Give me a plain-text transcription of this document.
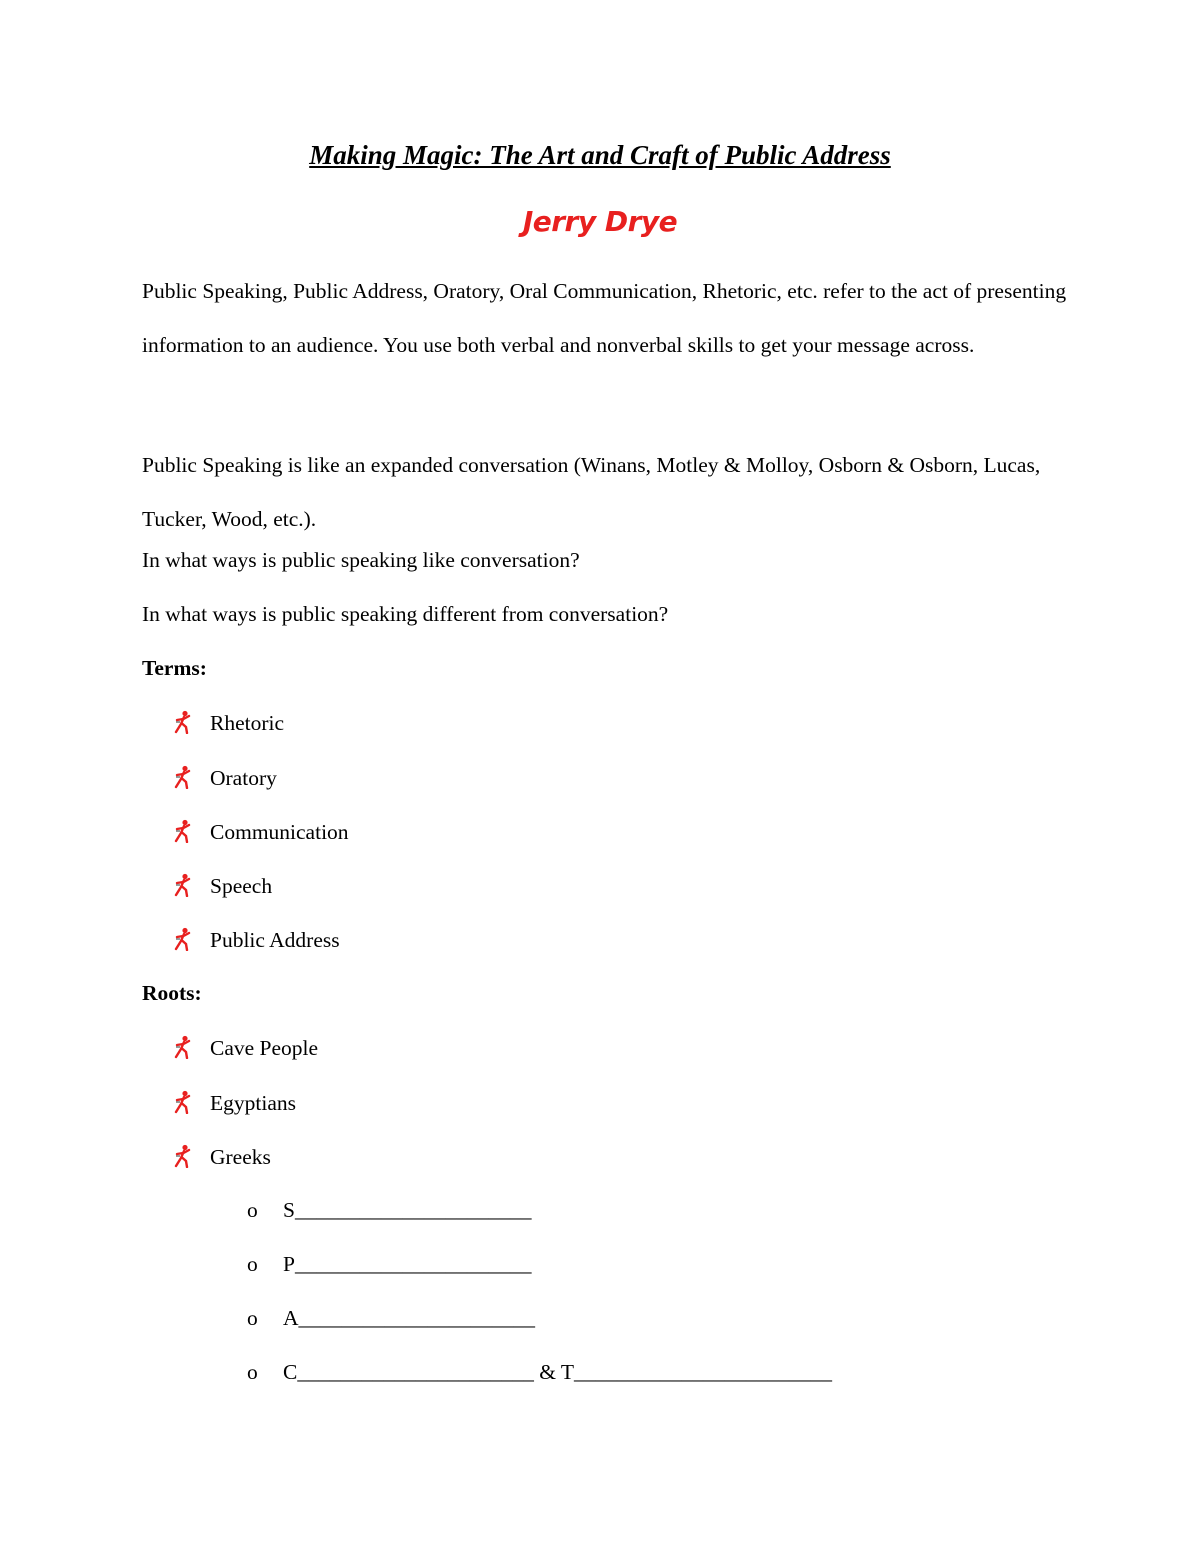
Making Magic: The Art and Craft of Public Address
Jerry Drye
Public Speaking, Public Address, Oratory, Oral Communication, Rhetoric, etc. refer to the act of presenting information to an audience. You use both verbal and nonverbal skills to get your message across.
Public Speaking is like an expanded conversation (Winans, Motley & Molloy, Osborn & Osborn, Lucas, Tucker, Wood, etc.).
In what ways is public speaking like conversation?
In what ways is public speaking different from conversation?
Terms:
Rhetoric
Oratory
Communication
Speech
Public Address
Roots:
Cave People
Egyptians
Greeks
o S______________________
o P______________________
o A______________________
o C______________________ & T________________________
